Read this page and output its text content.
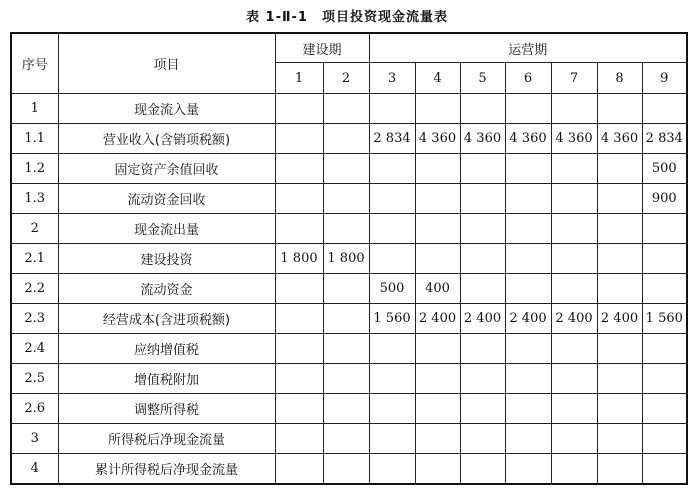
表 1-Ⅱ-1　项目投资现金流量表
序号	项目	建设期		运营期						
		1	2	3	4	5	6	7	8	9
1	现金流入量									
1.1	营业收入(含销项税额)			2 834	4 360	4 360	4 360	4 360	4 360	2 834
1.2	固定资产余值回收									500
1.3	流动资金回收									900
2	现金流出量									
2.1	建设投资	1 800	1 800							
2.2	流动资金			500	400					
2.3	经营成本(含进项税额)			1 560	2 400	2 400	2 400	2 400	2 400	1 560
2.4	应纳增值税									
2.5	增值税附加									
2.6	调整所得税									
3	所得税后净现金流量									
4	累计所得税后净现金流量									
